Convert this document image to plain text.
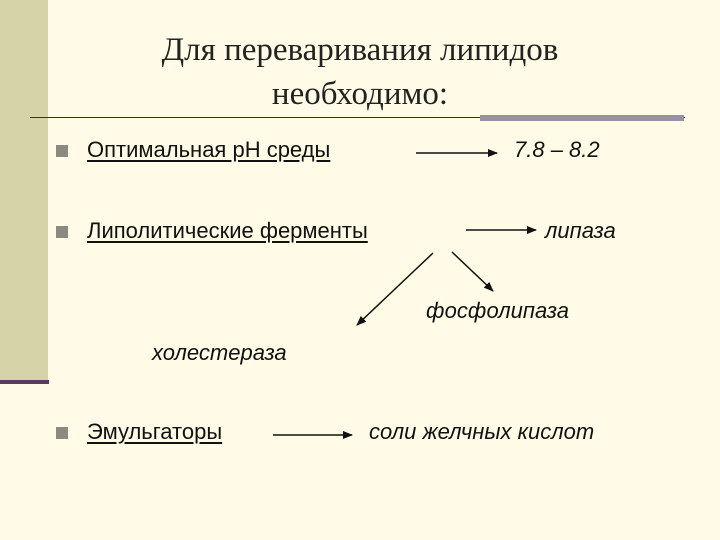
Для переваривания липидов
необходимо:
Оптимальная рН среды	7.8 – 8.2
Липолитические ферменты	липаза
фосфолипаза
холестераза
Эмульгаторы	соли желчных кислот
